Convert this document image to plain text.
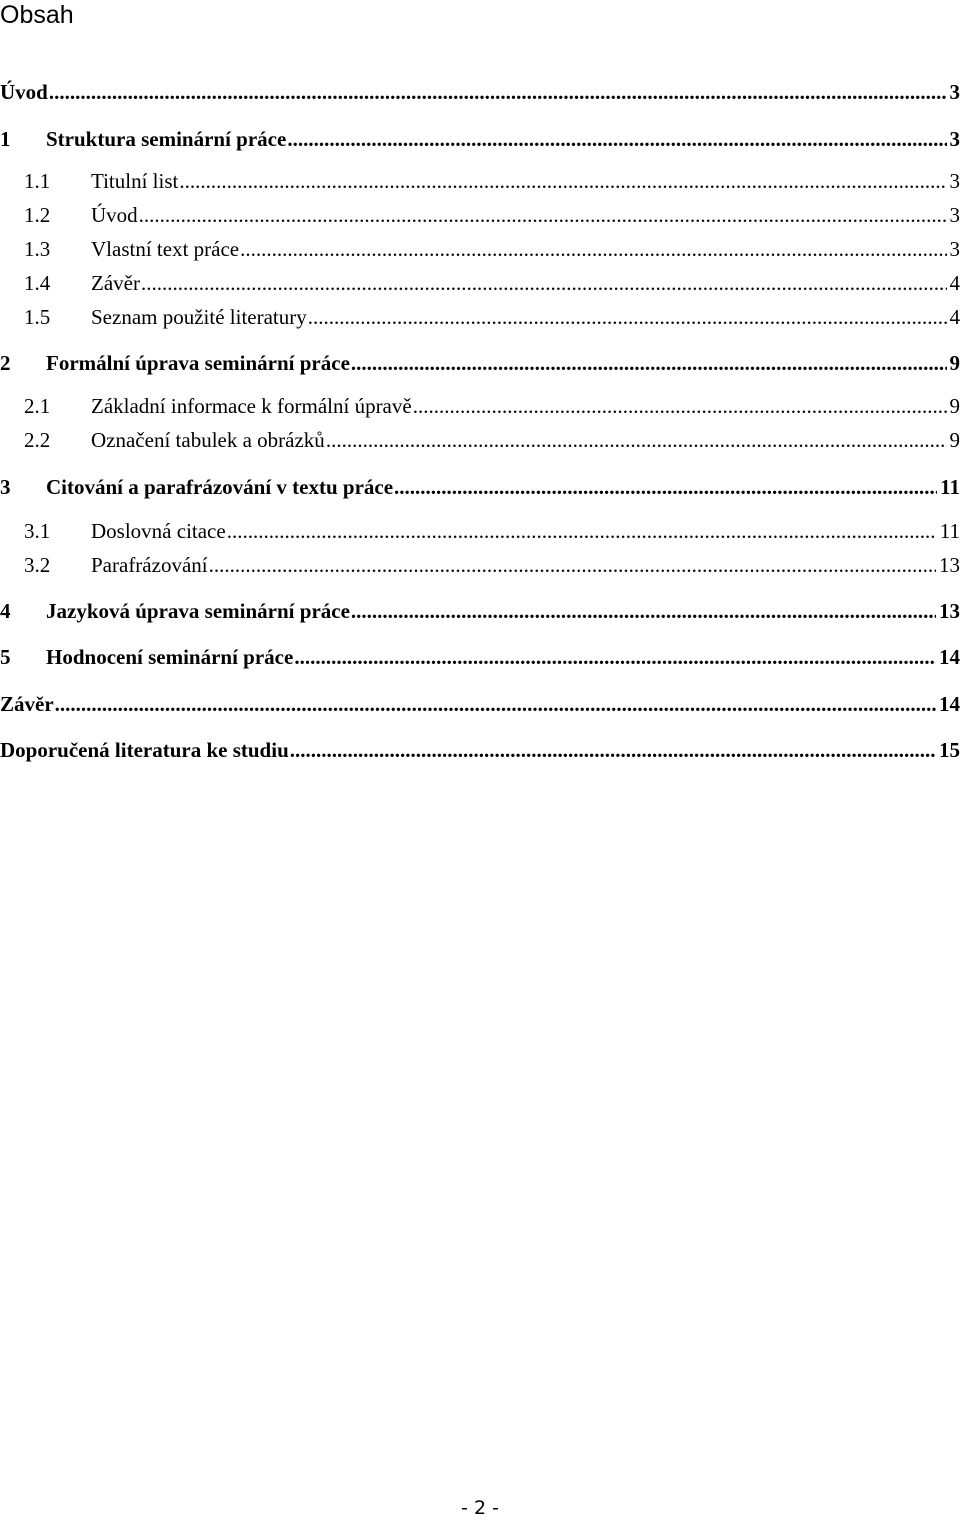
Obsah
Úvod .....	3
1	Struktura seminární práce .....	3
1.1	Titulní list .....	3
1.2	Úvod .....	3
1.3	Vlastní text práce .....	3
1.4	Závěr .....	4
1.5	Seznam použité literatury .....	4
2	Formální úprava seminární práce .....	9
2.1	Základní informace k formální úpravě .....	9
2.2	Označení tabulek a obrázků .....	9
3	Citování a parafrázování v textu práce .....	11
3.1	Doslovná citace .....	11
3.2	Parafrázování .....	13
4	Jazyková úprava seminární práce .....	13
5	Hodnocení seminární práce .....	14
Závěr .....	14
Doporučená literatura ke studiu .....	15
- 2 -
